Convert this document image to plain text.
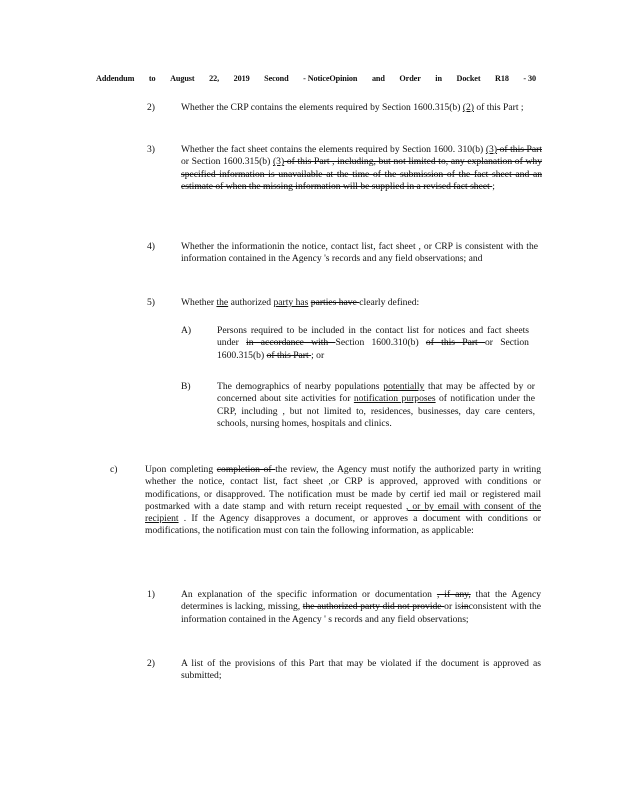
Addendum to August 22, 2019 Second - NoticeOpinion and Order in Docket R18 - 30
2)	Whether the CRP contains the elements required by Section 1600.315(b) (2) of this Part ;
3)	Whether the fact sheet contains the elements required by Section 1600. 310(b) (3) of this Part or Section 1600.315(b) (3) of this Part , including, but not limited to, any explanation of why specified information is unavailable at the time of the submission of the fact sheet and an estimate of when the missing information will be supplied in a revised fact sheet ;
4)	Whether the informationin the notice, contact list, fact sheet , or CRP is consistent with the information contained in the Agency 's records and any field observations; and
5)	Whether the authorized party has parties have clearly defined:
A)	Persons required to be included in the contact list for notices and fact sheets under in accordance with Section 1600.310(b) of this Part or Section 1600.315(b) of this Part ; or
B)	The demographics of nearby populations potentially that may be affected by or concerned about site activities for notification purposes of notification under the CRP, including , but not limited to, residences, businesses, day care centers, schools, nursing homes, hospitals and clinics.
c)	Upon completing completion of the review, the Agency must notify the authorized party in writing whether the notice, contact list, fact sheet ,or CRP is approved, approved with conditions or modifications, or disapproved. The notification must be made by certif ied mail or registered mail postmarked with a date stamp and with return receipt requested , or by email with consent of the recipient . If the Agency disapproves a document, or approves a document with conditions or modifications, the notification must con tain the following information, as applicable:
1)	An explanation of the specific information or documentation , if any, that the Agency determines is lacking, missing, the authorized party did not provide or isinconsistent with the information contained in the Agency ' s records and any field observations;
2)	A list of the provisions of this Part that may be violated if the document is approved as submitted;
